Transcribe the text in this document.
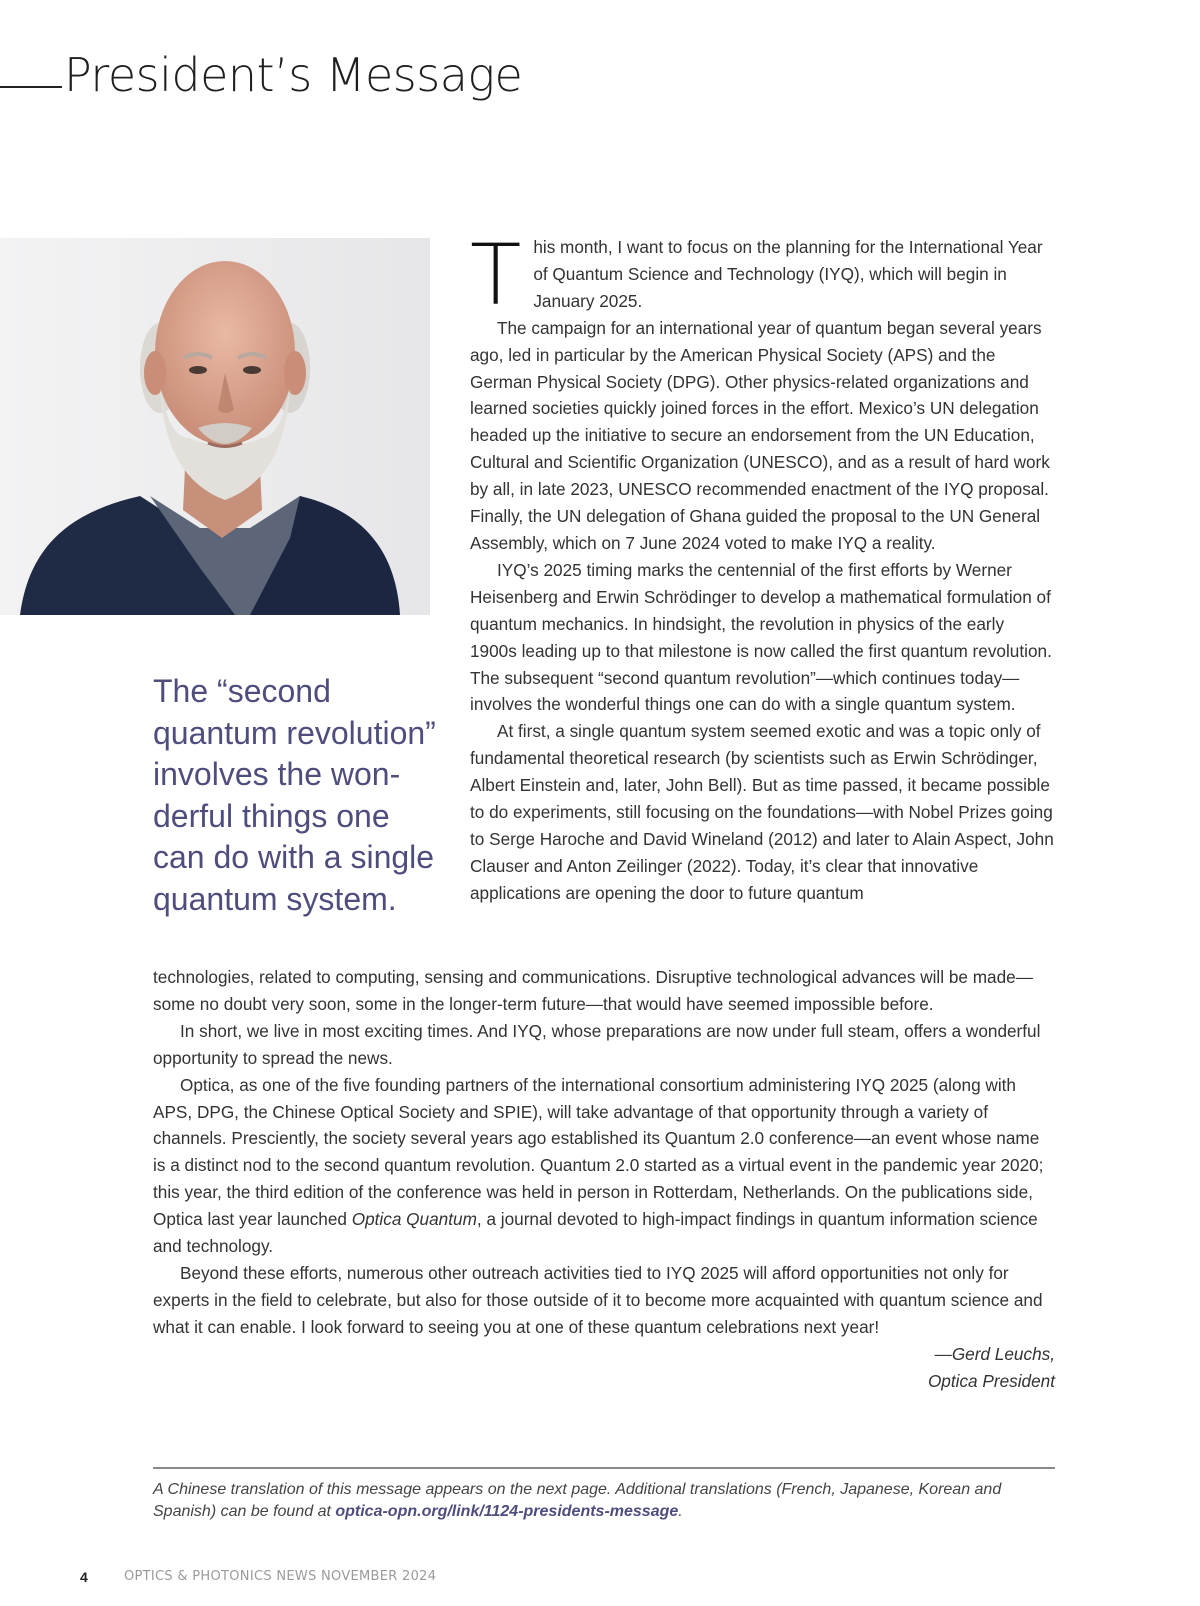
President’s Message

The “second quantum revolution” involves the wonderful things one can do with a single quantum system.

This month, I want to focus on the planning for the International Year of Quantum Science and Technology (IYQ), which will begin in January 2025.

The campaign for an international year of quantum began several years ago, led in particular by the American Physical Society (APS) and the German Physical Society (DPG). Other physics-related organizations and learned societies quickly joined forces in the effort. Mexico’s UN delegation headed up the initiative to secure an endorsement from the UN Education, Cultural and Scientific Organization (UNESCO), and as a result of hard work by all, in late 2023, UNESCO recommended enactment of the IYQ proposal. Finally, the UN delegation of Ghana guided the proposal to the UN General Assembly, which on 7 June 2024 voted to make IYQ a reality.

IYQ’s 2025 timing marks the centennial of the first efforts by Werner Heisenberg and Erwin Schrödinger to develop a mathematical formulation of quantum mechanics. In hindsight, the revolution in physics of the early 1900s leading up to that milestone is now called the first quantum revolution. The subsequent “second quantum revolution”—which continues today—involves the wonderful things one can do with a single quantum system.

At first, a single quantum system seemed exotic and was a topic only of fundamental theoretical research (by scientists such as Erwin Schrödinger, Albert Einstein and, later, John Bell). But as time passed, it became possible to do experiments, still focusing on the foundations—with Nobel Prizes going to Serge Haroche and David Wineland (2012) and later to Alain Aspect, John Clauser and Anton Zeilinger (2022). Today, it’s clear that innovative applications are opening the door to future quantum

technologies, related to computing, sensing and communications. Disruptive technological advances will be made—some no doubt very soon, some in the longer-term future—that would have seemed impossible before.

In short, we live in most exciting times. And IYQ, whose preparations are now under full steam, offers a wonderful opportunity to spread the news.

Optica, as one of the five founding partners of the international consortium administering IYQ 2025 (along with APS, DPG, the Chinese Optical Society and SPIE), will take advantage of that opportunity through a variety of channels. Presciently, the society several years ago established its Quantum 2.0 conference—an event whose name is a distinct nod to the second quantum revolution. Quantum 2.0 started as a virtual event in the pandemic year 2020; this year, the third edition of the conference was held in person in Rotterdam, Netherlands. On the publications side, Optica last year launched Optica Quantum, a journal devoted to high-impact findings in quantum information science and technology.

Beyond these efforts, numerous other outreach activities tied to IYQ 2025 will afford opportunities not only for experts in the field to celebrate, but also for those outside of it to become more acquainted with quantum science and what it can enable. I look forward to seeing you at one of these quantum celebrations next year!

—Gerd Leuchs,
Optica President

A Chinese translation of this message appears on the next page. Additional translations (French, Japanese, Korean and Spanish) can be found at optica-opn.org/link/1124-presidents-message.

4	OPTICS & PHOTONICS NEWS NOVEMBER 2024
